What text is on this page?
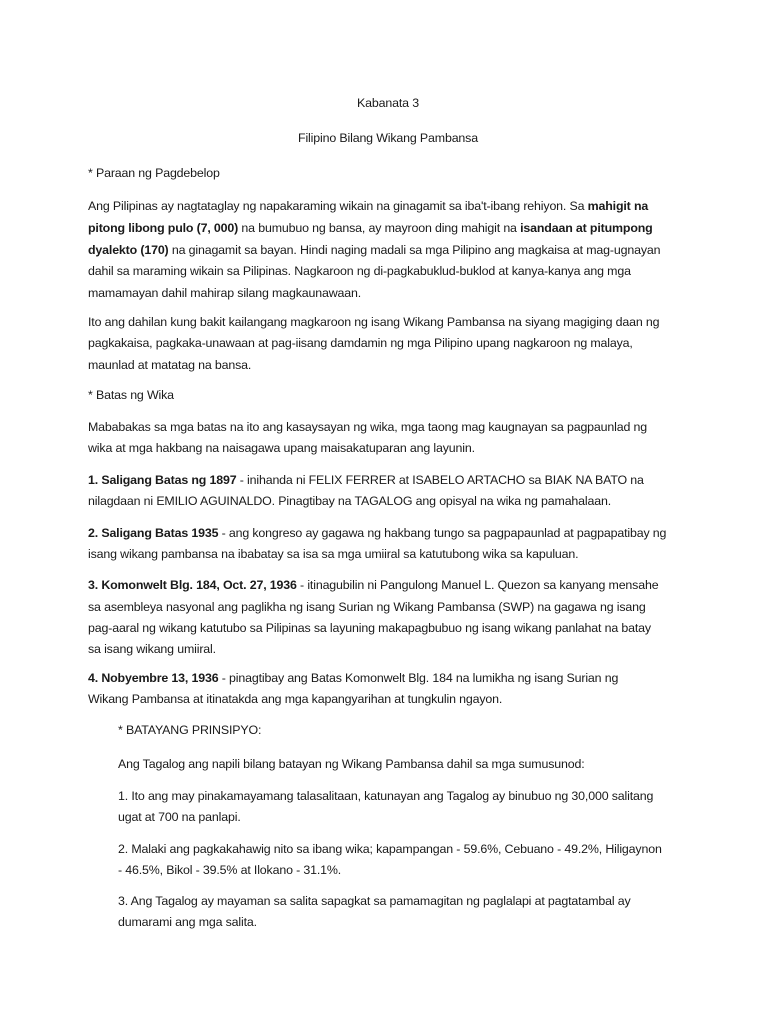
Kabanata 3
Filipino Bilang Wikang Pambansa
* Paraan ng Pagdebelop
Ang Pilipinas ay nagtataglay ng napakaraming wikain na ginagamit sa iba't-ibang rehiyon. Sa mahigit na
pitong libong pulo (7, 000) na bumubuo ng bansa, ay mayroon ding mahigit na isandaan at pitumpong
dyalekto (170) na ginagamit sa bayan. Hindi naging madali sa mga Pilipino ang magkaisa at mag-ugnayan
dahil sa maraming wikain sa Pilipinas. Nagkaroon ng di-pagkabuklud-buklod at kanya-kanya ang mga
mamamayan dahil mahirap silang magkaunawaan.
Ito ang dahilan kung bakit kailangang magkaroon ng isang Wikang Pambansa na siyang magiging daan ng
pagkakaisa, pagkaka-unawaan at pag-iisang damdamin ng mga Pilipino upang nagkaroon ng malaya,
maunlad at matatag na bansa.
* Batas ng Wika
Mababakas sa mga batas na ito ang kasaysayan ng wika, mga taong mag kaugnayan sa pagpaunlad ng
wika at mga hakbang na naisagawa upang maisakatuparan ang layunin.
1. Saligang Batas ng 1897 - inihanda ni FELIX FERRER at ISABELO ARTACHO sa BIAK NA BATO na
nilagdaan ni EMILIO AGUINALDO. Pinagtibay na TAGALOG ang opisyal na wika ng pamahalaan.
2. Saligang Batas 1935 - ang kongreso ay gagawa ng hakbang tungo sa pagpapaunlad at pagpapatibay ng
isang wikang pambansa na ibabatay sa isa sa mga umiiral sa katutubong wika sa kapuluan.
3. Komonwelt Blg. 184, Oct. 27, 1936 - itinagubilin ni Pangulong Manuel L. Quezon sa kanyang mensahe
sa asembleya nasyonal ang paglikha ng isang Surian ng Wikang Pambansa (SWP) na gagawa ng isang
pag-aaral ng wikang katutubo sa Pilipinas sa layuning makapagbubuo ng isang wikang panlahat na batay
sa isang wikang umiiral.
4. Nobyembre 13, 1936 - pinagtibay ang Batas Komonwelt Blg. 184 na lumikha ng isang Surian ng
Wikang Pambansa at itinatakda ang mga kapangyarihan at tungkulin ngayon.
* BATAYANG PRINSIPYO:
Ang Tagalog ang napili bilang batayan ng Wikang Pambansa dahil sa mga sumusunod:
1. Ito ang may pinakamayamang talasalitaan, katunayan ang Tagalog ay binubuo ng 30,000 salitang
ugat at 700 na panlapi.
2. Malaki ang pagkakahawig nito sa ibang wika; kapampangan - 59.6%, Cebuano - 49.2%, Hiligaynon
- 46.5%, Bikol - 39.5% at Ilokano - 31.1%.
3. Ang Tagalog ay mayaman sa salita sapagkat sa pamamagitan ng paglalapi at pagtatambal ay
dumarami ang mga salita.
